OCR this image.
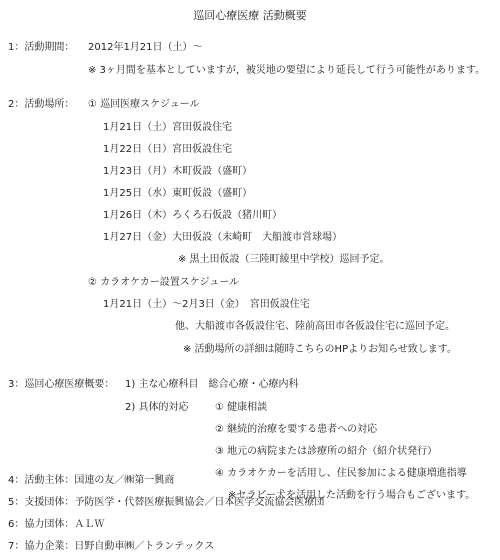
巡回心療医療 活動概要
1：活動期間： 2012年1月21日（土）～
※ 3ヶ月間を基本としていますが，被災地の要望により延長して行う可能性があります。
2：活動場所： ① 巡回医療スケジュール
1月21日（土）宮田仮設住宅
1月22日（日）宮田仮設住宅
1月23日（月）木町仮設（盛町）
1月25日（水）東町仮設（盛町）
1月26日（木）ろくろ石仮設（猪川町）
1月27日（金）大田仮設（末崎町　大船渡市営球場）
※ 黒土田仮設（三陸町綾里中学校）巡回予定。
② カラオケカー設置スケジュール
1月21日（土）～2月3日（金）　宮田仮設住宅
他、大船渡市各仮設住宅、陸前高田市各仮設住宅に巡回予定。
※ 活動場所の詳細は随時こちらのHPよりお知らせ致します。
3：巡回心療医療概要： 1) 主な心療科目　総合心療・心療内科
2) 具体的対応	① 健康相談
② 継続的治療を要する患者への対応
③ 地元の病院または診療所の紹介（紹介状発行）
④ カラオケカーを活用し、住民参加による健康増進指導
※セラピー犬を活用した活動を行う場合もございます。
4：活動主体：国連の友／㈱第一興商
5：支援団体：予防医学・代替医療振興協会／日本医学交流協会医療団
6：協力団体：ＡＬＷ
7：協力企業：日野自動車㈱／トランテックス
